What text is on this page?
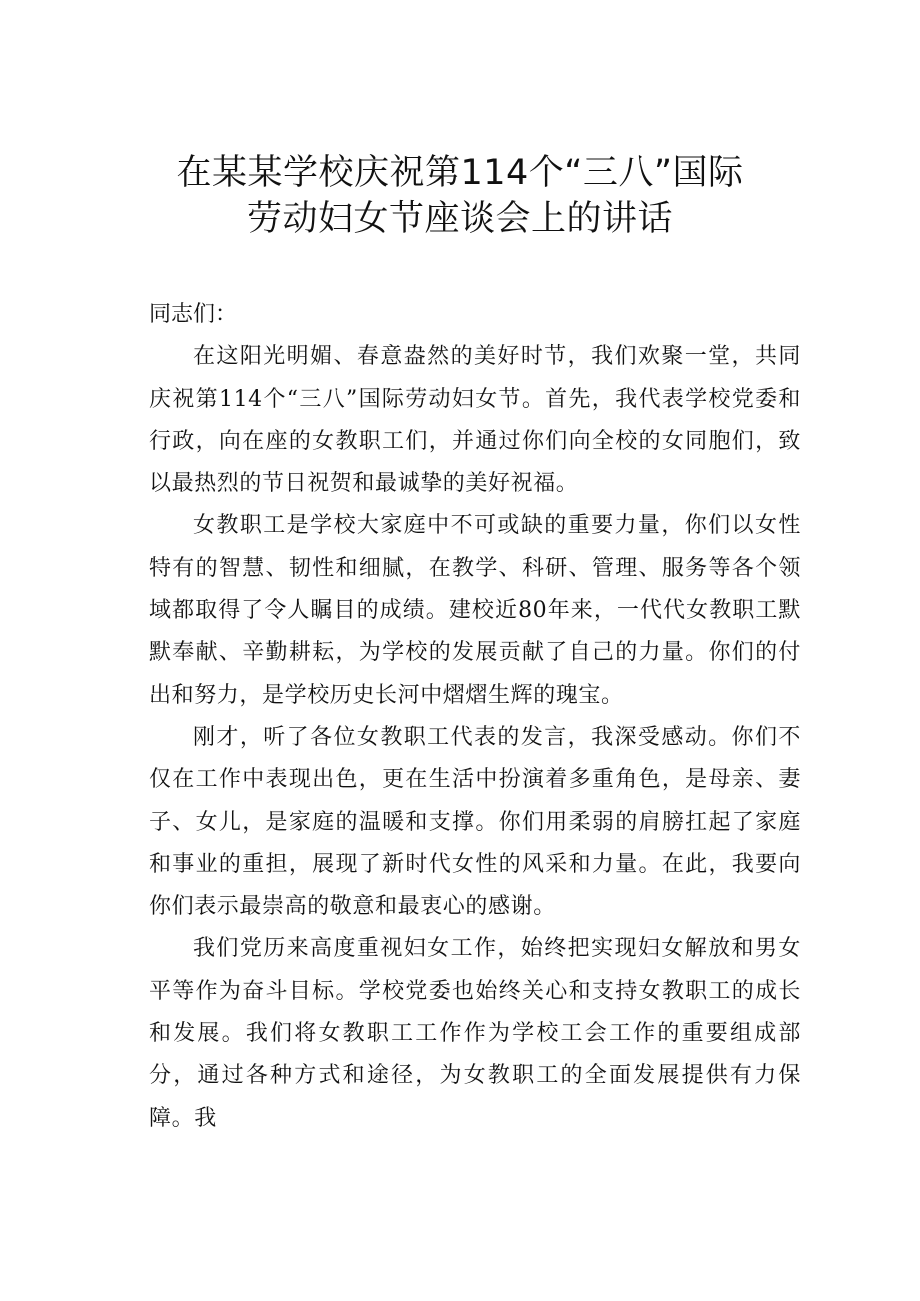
在某某学校庆祝第114个“三八”国际
劳动妇女节座谈会上的讲话

同志们：

在这阳光明媚、春意盎然的美好时节，我们欢聚一堂，共同庆祝第114个“三八”国际劳动妇女节。首先，我代表学校党委和行政，向在座的女教职工们，并通过你们向全校的女同胞们，致以最热烈的节日祝贺和最诚挚的美好祝福。

女教职工是学校大家庭中不可或缺的重要力量，你们以女性特有的智慧、韧性和细腻，在教学、科研、管理、服务等各个领域都取得了令人瞩目的成绩。建校近80年来，一代代女教职工默默奉献、辛勤耕耘，为学校的发展贡献了自己的力量。你们的付出和努力，是学校历史长河中熠熠生辉的瑰宝。

刚才，听了各位女教职工代表的发言，我深受感动。你们不仅在工作中表现出色，更在生活中扮演着多重角色，是母亲、妻子、女儿，是家庭的温暖和支撑。你们用柔弱的肩膀扛起了家庭和事业的重担，展现了新时代女性的风采和力量。在此，我要向你们表示最崇高的敬意和最衷心的感谢。

我们党历来高度重视妇女工作，始终把实现妇女解放和男女平等作为奋斗目标。学校党委也始终关心和支持女教职工的成长和发展。我们将女教职工工作作为学校工会工作的重要组成部分，通过各种方式和途径，为女教职工的全面发展提供有力保障。我
